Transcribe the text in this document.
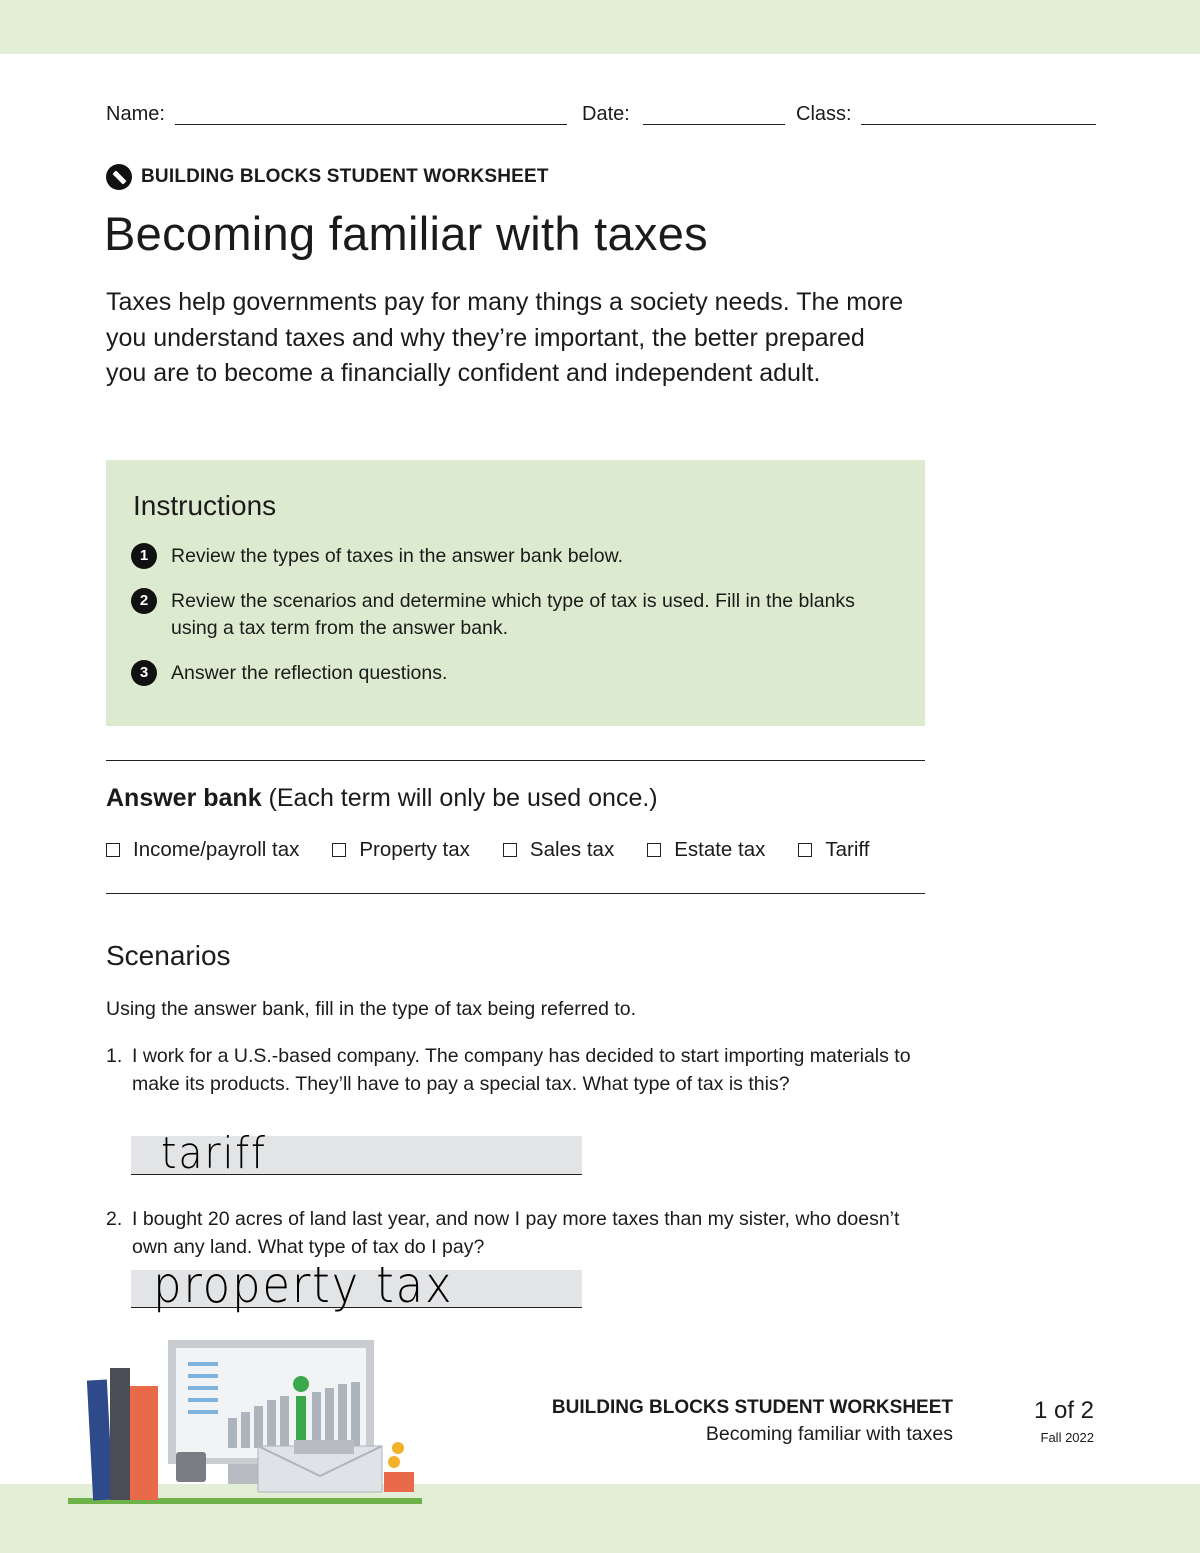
Name:	Date:	Class:
BUILDING BLOCKS STUDENT WORKSHEET
Becoming familiar with taxes

Taxes help governments pay for many things a society needs. The more you understand taxes and why they’re important, the better prepared you are to become a financially confident and independent adult.

Instructions
1	Review the types of taxes in the answer bank below.
2	Review the scenarios and determine which type of tax is used. Fill in the blanks using a tax term from the answer bank.
3	Answer the reflection questions.
Answer bank (Each term will only be used once.)
Income/payroll tax	Property tax	Sales tax	Estate tax	Tariff
Scenarios
Using the answer bank, fill in the type of tax being referred to.
1. I work for a U.S.-based company. The company has decided to start importing materials to make its products. They’ll have to pay a special tax. What type of tax is this?
tariff
2. I bought 20 acres of land last year, and now I pay more taxes than my sister, who doesn’t own any land. What type of tax do I pay?
property tax
BUILDING BLOCKS STUDENT WORKSHEET
Becoming familiar with taxes
1 of 2
Fall 2022
